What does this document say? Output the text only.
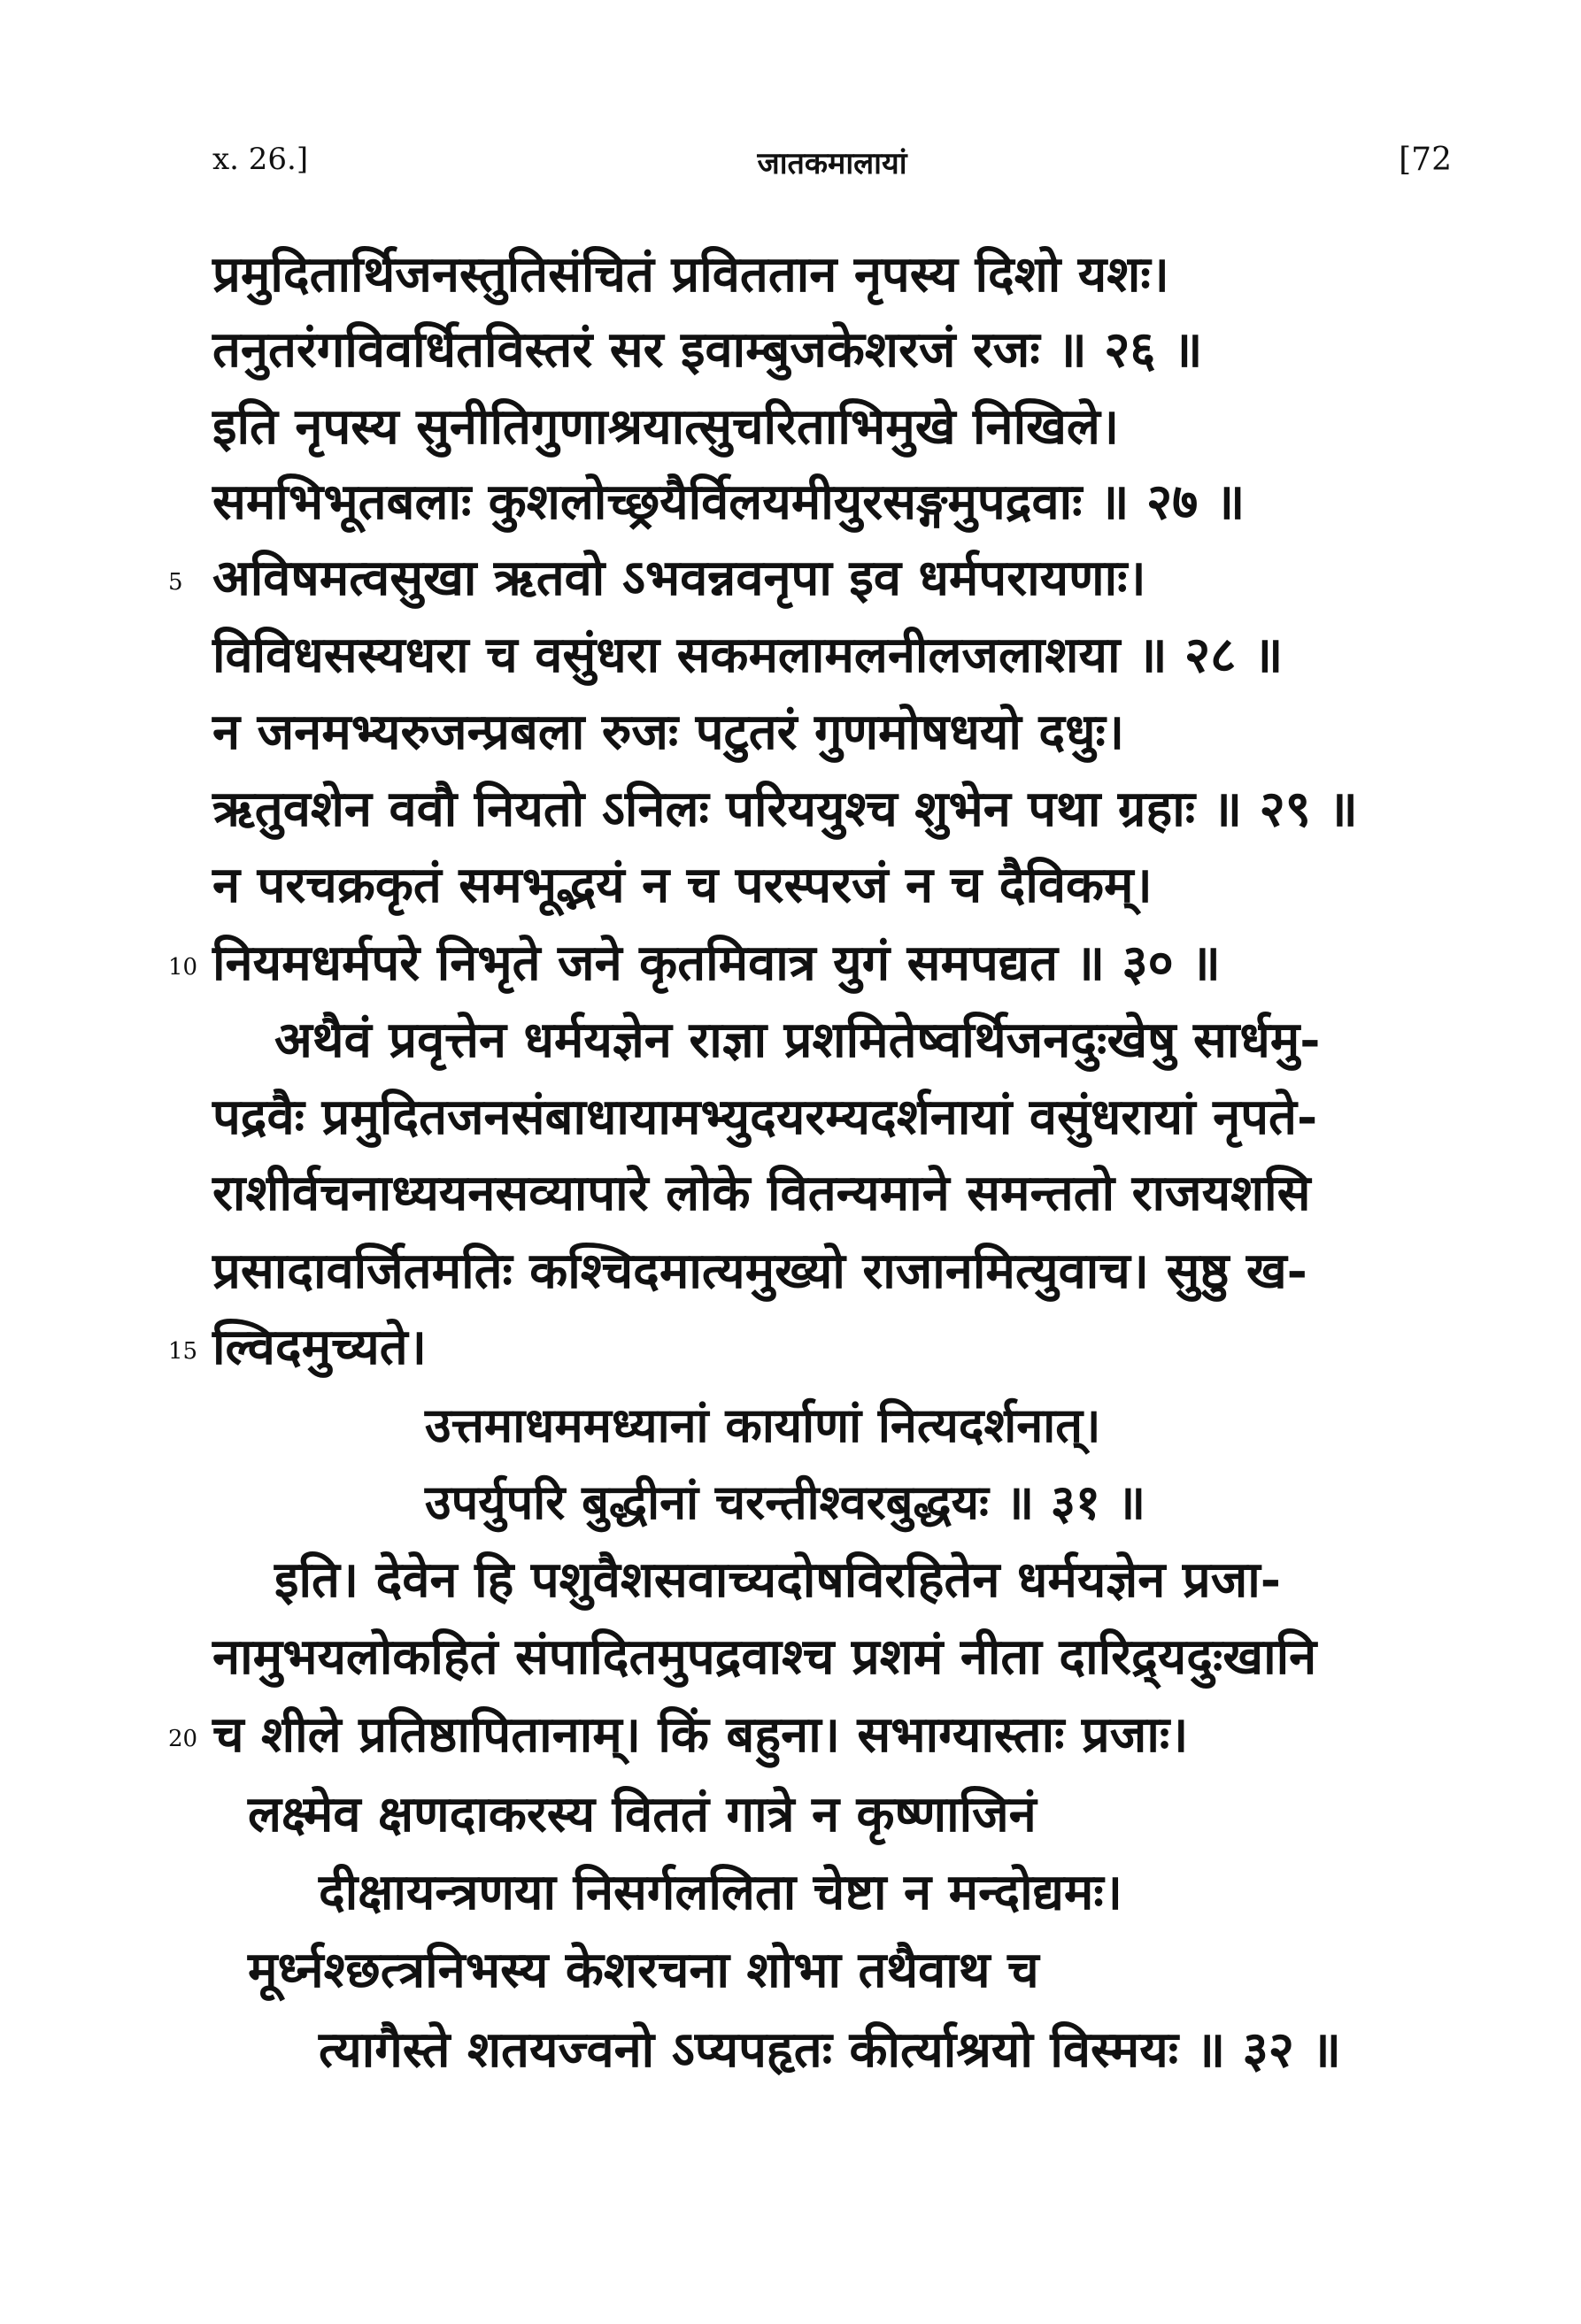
x. 26.]	जातकमालायां	[72
प्रमुदितार्थिजनस्तुतिसंचितं प्रविततान नृपस्य दिशो यशः।
तनुतरंगविवर्धितविस्तरं सर इवाम्बुजकेशरजं रजः ॥ २६ ॥
इति नृपस्य सुनीतिगुणाश्रयात्सुचरिताभिमुखे निखिले।
समभिभूतबलाः कुशलोच्छ्रयैर्विलयमीयुरसङ्गमुपद्रवाः ॥ २७ ॥
अविषमत्वसुखा ऋतवो ऽभवन्नवनृपा इव धर्मपरायणाः।
5
विविधसस्यधरा च वसुंधरा सकमलामलनीलजलाशया ॥ २८ ॥
न जनमभ्यरुजन्प्रबला रुजः पटुतरं गुणमोषधयो दधुः।
ऋतुवशेन ववौ नियतो ऽनिलः परिययुश्च शुभेन पथा ग्रहाः ॥ २९ ॥
न परचक्रकृतं समभूद्भयं न च परस्परजं न च दैविकम्।
नियमधर्मपरे निभृते जने कृतमिवात्र युगं समपद्यत ॥ ३० ॥
10
अथैवं प्रवृत्तेन धर्मयज्ञेन राज्ञा प्रशमितेष्वर्थिजनदुःखेषु सार्धमु-
पद्रवैः प्रमुदितजनसंबाधायामभ्युदयरम्यदर्शनायां वसुंधरायां नृपते-
राशीर्वचनाध्ययनसव्यापारे लोके वितन्यमाने समन्ततो राजयशसि
प्रसादावर्जितमतिः कश्चिदमात्यमुख्यो राजानमित्युवाच। सुष्ठु ख-
ल्विदमुच्यते।
15
उत्तमाधममध्यानां कार्याणां नित्यदर्शनात्।
उपर्युपरि बुद्धीनां चरन्तीश्वरबुद्धयः ॥ ३१ ॥
इति। देवेन हि पशुवैशसवाच्यदोषविरहितेन धर्मयज्ञेन प्रजा-
नामुभयलोकहितं संपादितमुपद्रवाश्च प्रशमं नीता दारिद्र्यदुःखानि
च शीले प्रतिष्ठापितानाम्। किं बहुना। सभाग्यास्ताः प्रजाः।
20
लक्ष्मेव क्षणदाकरस्य विततं गात्रे न कृष्णाजिनं
दीक्षायन्त्रणया निसर्गललिता चेष्टा न मन्दोद्यमः।
मूर्ध्नश्छत्त्रनिभस्य केशरचना शोभा तथैवाथ च
त्यागैस्ते शतयज्वनो ऽप्यपहृतः कीर्त्याश्रयो विस्मयः ॥ ३२ ॥
